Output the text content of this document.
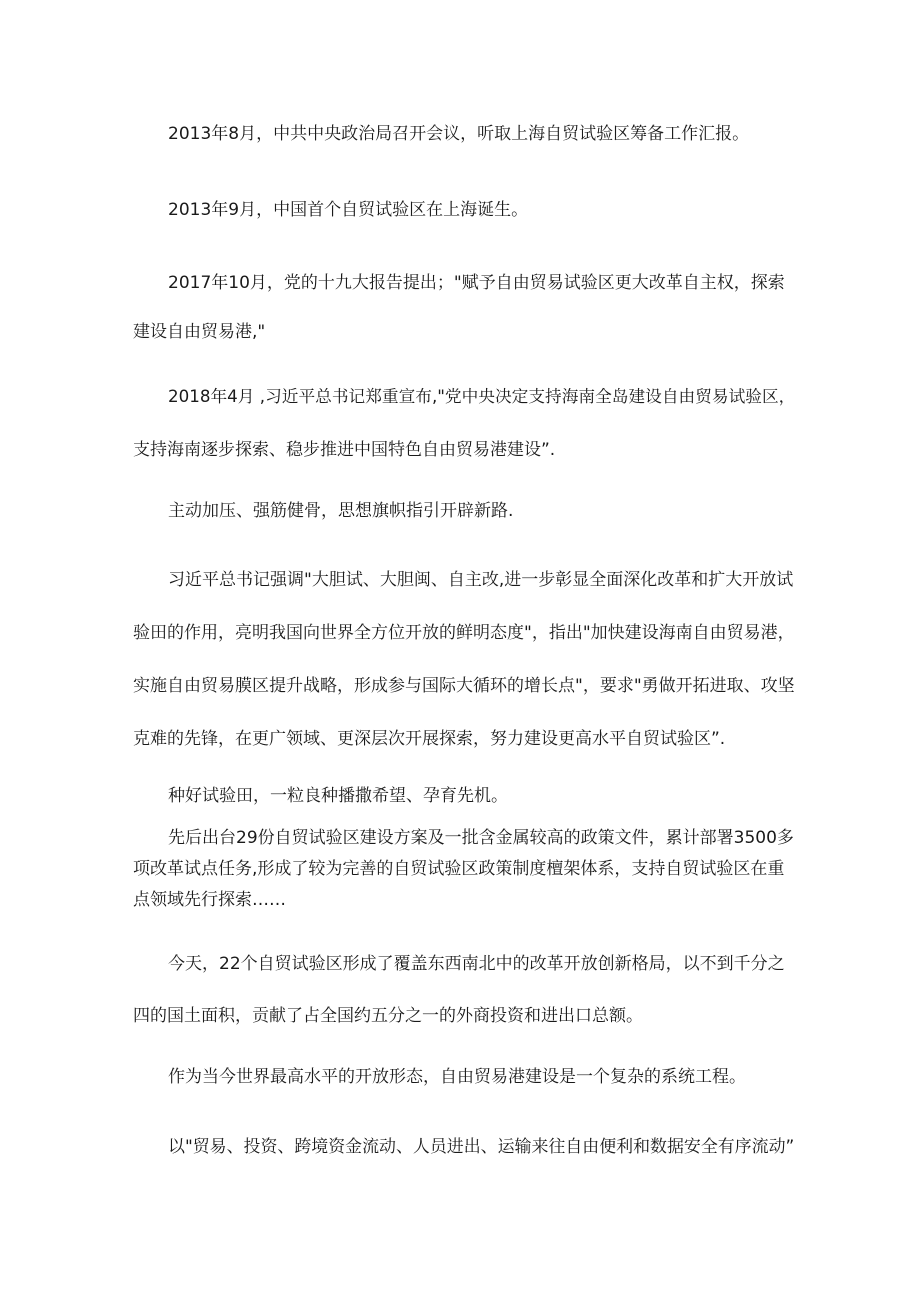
2013年8月，中共中央政治局召开会议，听取上海自贸试验区筹备工作汇报。
2013年9月，中国首个自贸试验区在上海诞生。
2017年10月，党的十九大报告提出；"赋予自由贸易试验区更大改革自主权，探索
建设自由贸易港,"
2018年4月 ,习近平总书记郑重宣布,"党中央决定支持海南全岛建设自由贸易试验区，
支持海南逐步探索、稳步推进中国特色自由贸易港建设”.
主动加压、强筋健骨，思想旗帜指引开辟新路.
习近平总书记强调"大胆试、大胆闽、自主改,进一步彰显全面深化改革和扩大开放试
验田的作用，亮明我国向世界全方位开放的鲜明态度"，指出"加快建设海南自由贸易港，
实施自由贸易膜区提升战略，形成参与国际大循环的增长点"，要求"勇做开拓进取、攻坚
克难的先锋，在更广领域、更深层次开展探索，努力建设更高水平自贸试验区”.
种好试验田，一粒良种播撒希望、孕育先机。
先后出台29份自贸试验区建设方案及一批含金属较高的政策文件，累计部署3500多
项改革试点任务,形成了较为完善的自贸试验区政策制度檀架体系，支持自贸试验区在重
点领域先行探索……
今天，22个自贸试验区形成了覆盖东西南北中的改革开放创新格局，以不到千分之
四的国土面积，贡献了占全国约五分之一的外商投资和进出口总额。
作为当今世界最高水平的开放形态，自由贸易港建设是一个复杂的系统工程。
以"贸易、投资、跨境资金流动、人员进出、运输来往自由便利和数据安全有序流动”
